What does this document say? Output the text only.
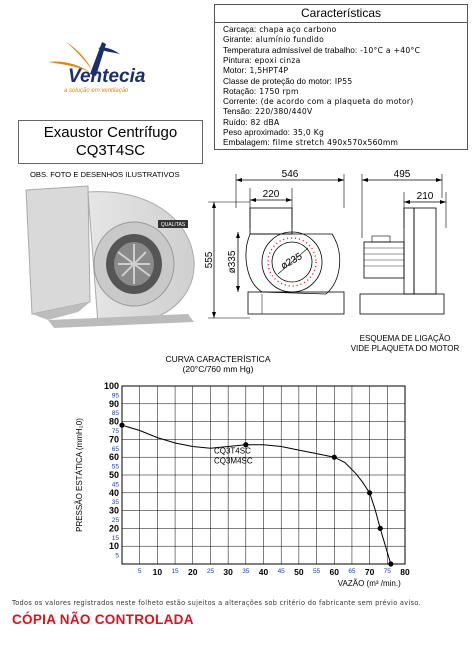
Ventecia
a solução em ventilação
Características
Carcaça: chapa aço carbono
Girante: alumínio fundido
Temperatura admissível de trabalho: -10°C a +40°C
Pintura: epoxi cinza
Motor: 1,5HPT4P
Classe de proteção do motor: IP55
Rotação: 1750 rpm
Corrente: (de acordo com a plaqueta do motor)
Tensão: 220/380/440V
Ruído: 82 dBA
Peso aproximado: 35,0 Kg
Embalagem: filme stretch 490x570x560mm
Exaustor Centrífugo
CQ3T4SC
OBS. FOTO E DESENHOS ILUSTRATIVOS
QUALITAS
546
220
ø235
555 ø335
495
210
ESQUEMA DE LIGAÇÃO
VIDE PLAQUETA DO MOTOR
CURVA CARACTERÍSTICA
(20°C/760 mm Hg)
10
20
30
40
50
60
70
80
90
100
5
15
25
35
45
55
65
75
85
95
10	20	30	40	50	60	70	80
5	15	25	35	45	55	65	75
CQ3T4SC
CQ3M4SC
VAZÃO (m³ /min.)
PRESSÃO ESTÁTICA (mmH₂0)
Todos os valores registrados neste folheto estão sujeitos a alterações sob critério do fabricante sem prévio aviso.
CÓPIA NÃO CONTROLADA
